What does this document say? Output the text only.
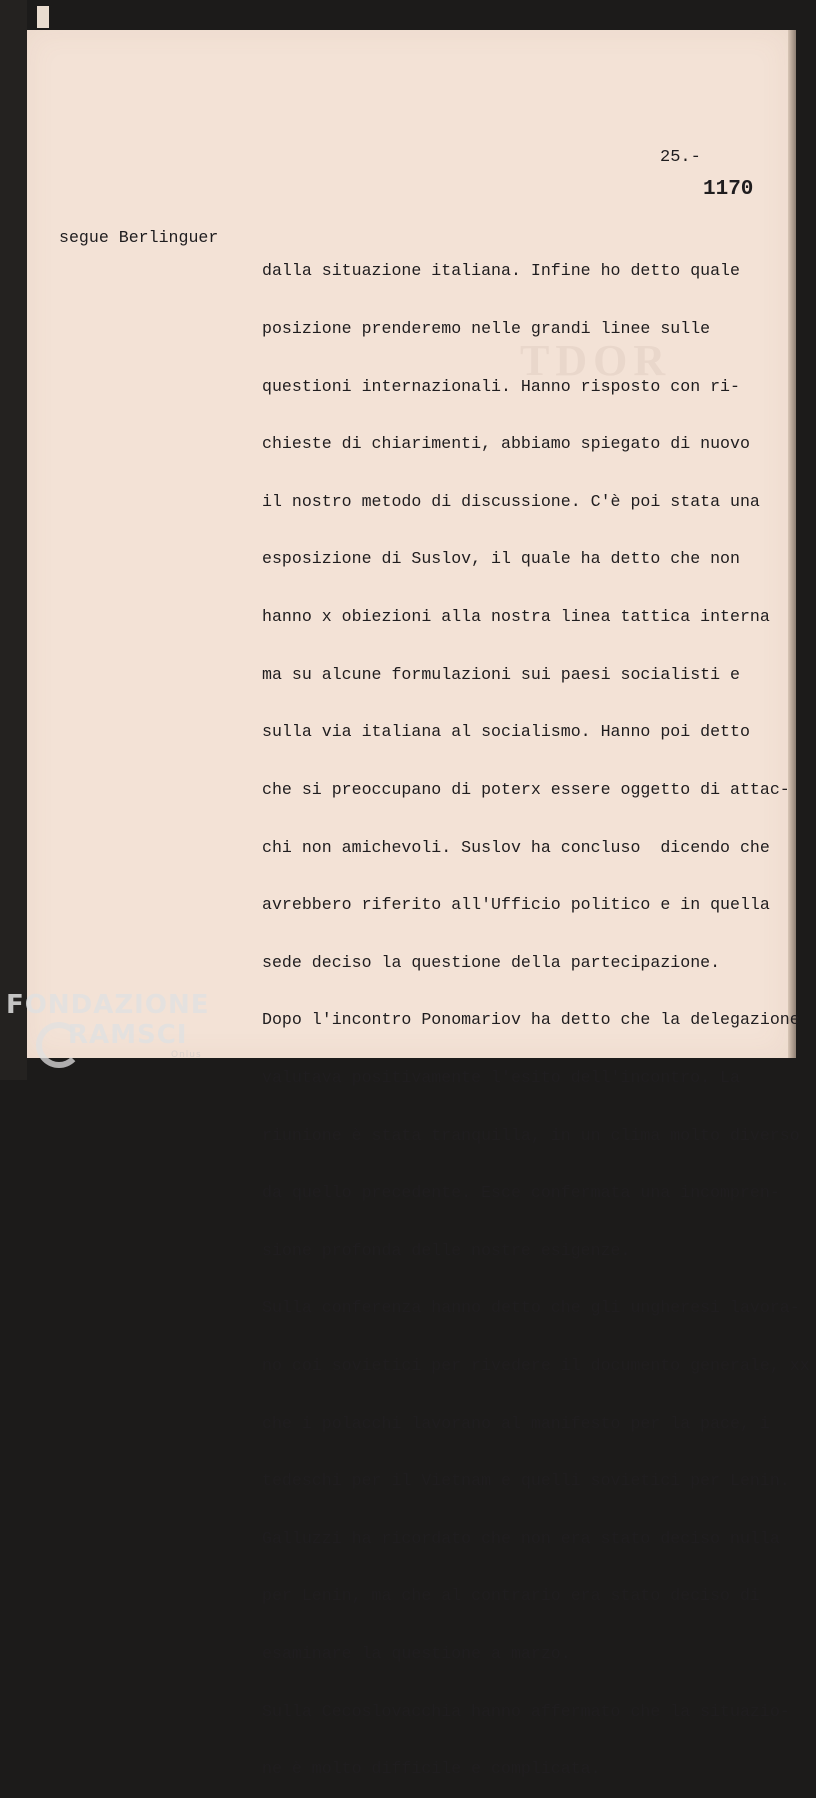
TDOR
25.-
1170
segue Berlinguer

dalla situazione italiana. Infine ho detto quale

posizione prenderemo nelle grandi linee sulle

questioni internazionali. Hanno risposto con ri-

chieste di chiarimenti, abbiamo spiegato di nuovo

il nostro metodo di discussione. C'è poi stata una

esposizione di Suslov, il quale ha detto che non

hanno x obiezioni alla nostra linea tattica interna

ma su alcune formulazioni sui paesi socialisti e

sulla via italiana al socialismo. Hanno poi detto

che si preoccupano di poterx essere oggetto di attac-

chi non amichevoli. Suslov ha concluso  dicendo che

avrebbero riferito all'Ufficio politico e in quella

sede deciso la questione della partecipazione.

Dopo l'incontro Ponomariov ha detto che la delegazione

valutava positivamente l'esito dell'incontro. La

riunione è stata tranquilla, in un clima molto diverso

da quello precedente. Esce confermata una incompren-

sione profonda delle nostre esigenze.

Sulla conferenza hanno detto che gli ungheresi lavora-

no coi sovietici per rivedere il documento generale, xx

che i polacchi lavorano al manifesto per la pace, i

tedeschi per il Vietnam e quelli sovietici per Lenin.

Galluzzi ha ricordato che non era stato deciso nulla

per Lenin, ma che al contrario era stato deciso di

esaminare la questione a marzo.

Sulla Cecoslovacchia hanno affermato che la situazio-

ne è molto difficile e complicata.

FONDAZIONE
RAMSCI
Onlus
